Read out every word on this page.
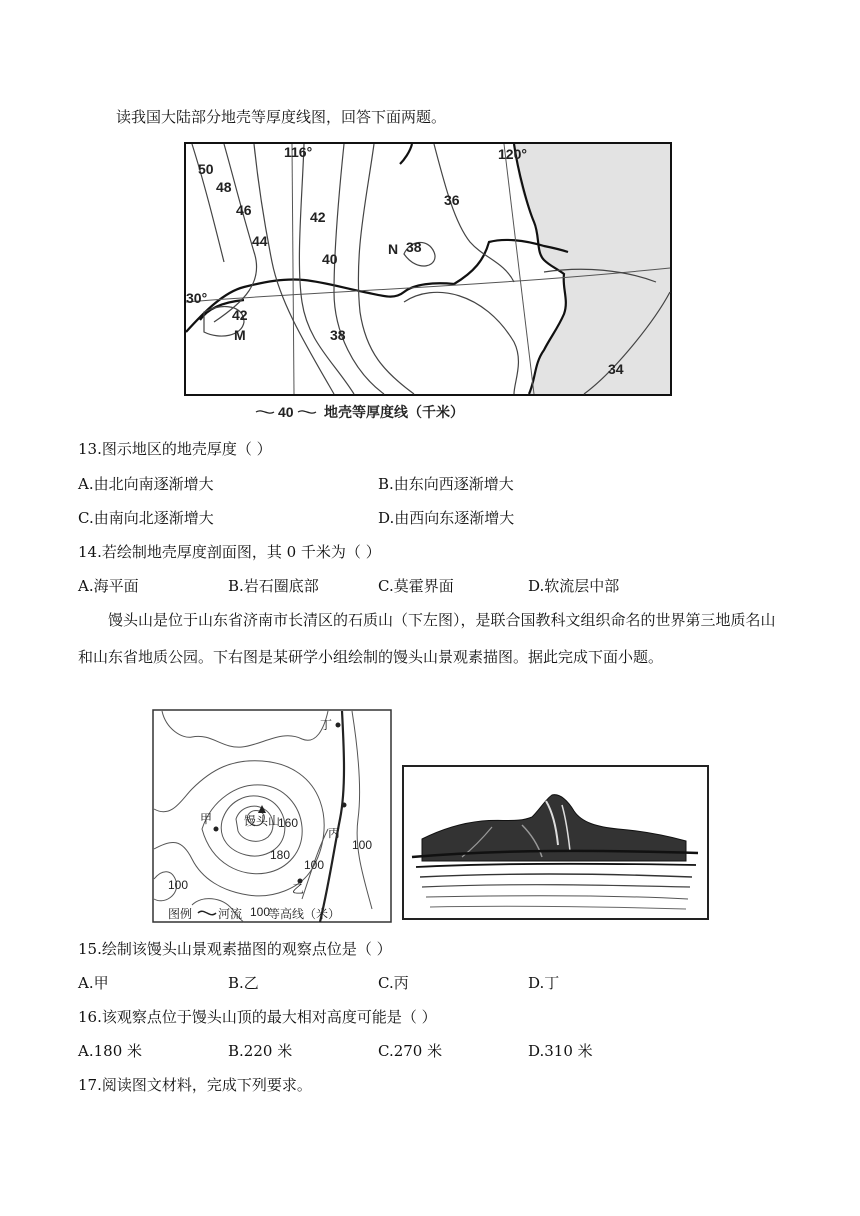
读我国大陆部分地壳等厚度线图，回答下面两题。
50
48
46
44
42
40
38
36
34
42
38
116°	120°
30°
N
M
40 地壳等厚度线（千米）
13.图示地区的地壳厚度（ ）
A.由北向南逐渐增大	B.由东向西逐渐增大
C.由南向北逐渐增大	D.由西向东逐渐增大
14.若绘制地壳厚度剖面图，其 0 千米为（ ）
A.海平面	B.岩石圈底部	C.莫霍界面	D.软流层中部
馒头山是位于山东省济南市长清区的石质山（下左图），是联合国教科文组织命名的世界第三地质名山和山东省地质公园。下右图是某研学小组绘制的馒头山景观素描图。据此完成下面小题。
甲
乙
丙
丁
馒头山
160
180
100
100
100
图例 河流 100
等高线（米）
15.绘制该馒头山景观素描图的观察点位是（ ）
A.甲	B.乙	C.丙	D.丁
16.该观察点位于馒头山顶的最大相对高度可能是（ ）
A.180 米	B.220 米	C.270 米	D.310 米
17.阅读图文材料，完成下列要求。
